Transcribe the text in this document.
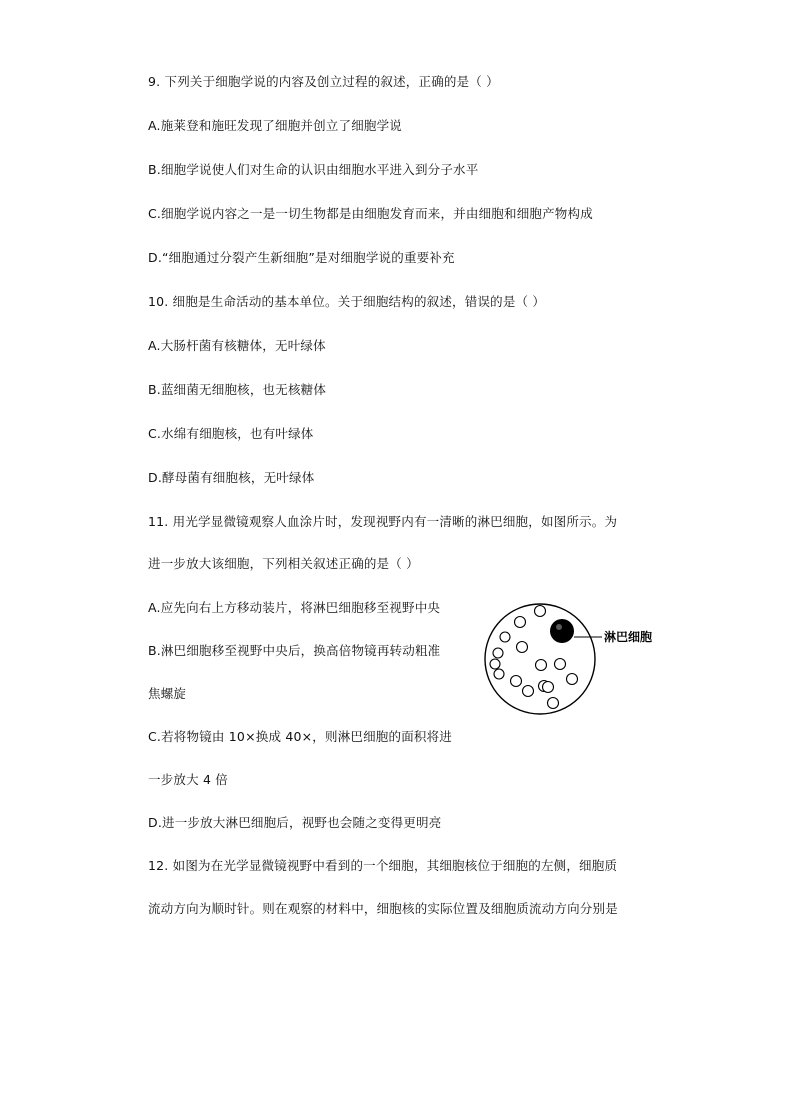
9. 下列关于细胞学说的内容及创立过程的叙述，正确的是（ ）
A.施莱登和施旺发现了细胞并创立了细胞学说
B.细胞学说使人们对生命的认识由细胞水平进入到分子水平
C.细胞学说内容之一是一切生物都是由细胞发育而来，并由细胞和细胞产物构成
D.“细胞通过分裂产生新细胞”是对细胞学说的重要补充
10. 细胞是生命活动的基本单位。关于细胞结构的叙述，错误的是（ ）
A.大肠杆菌有核糖体，无叶绿体
B.蓝细菌无细胞核，也无核糖体
C.水绵有细胞核，也有叶绿体
D.酵母菌有细胞核，无叶绿体
11. 用光学显微镜观察人血涂片时，发现视野内有一清晰的淋巴细胞，如图所示。为
进一步放大该细胞，下列相关叙述正确的是（ ）
A.应先向右上方移动装片，将淋巴细胞移至视野中央
B.淋巴细胞移至视野中央后，换高倍物镜再转动粗准
焦螺旋
C.若将物镜由 10×换成 40×，则淋巴细胞的面积将进
一步放大 4 倍
D.进一步放大淋巴细胞后，视野也会随之变得更明亮
淋巴细胞
12. 如图为在光学显微镜视野中看到的一个细胞，其细胞核位于细胞的左侧，细胞质
流动方向为顺时针。则在观察的材料中，细胞核的实际位置及细胞质流动方向分别是
